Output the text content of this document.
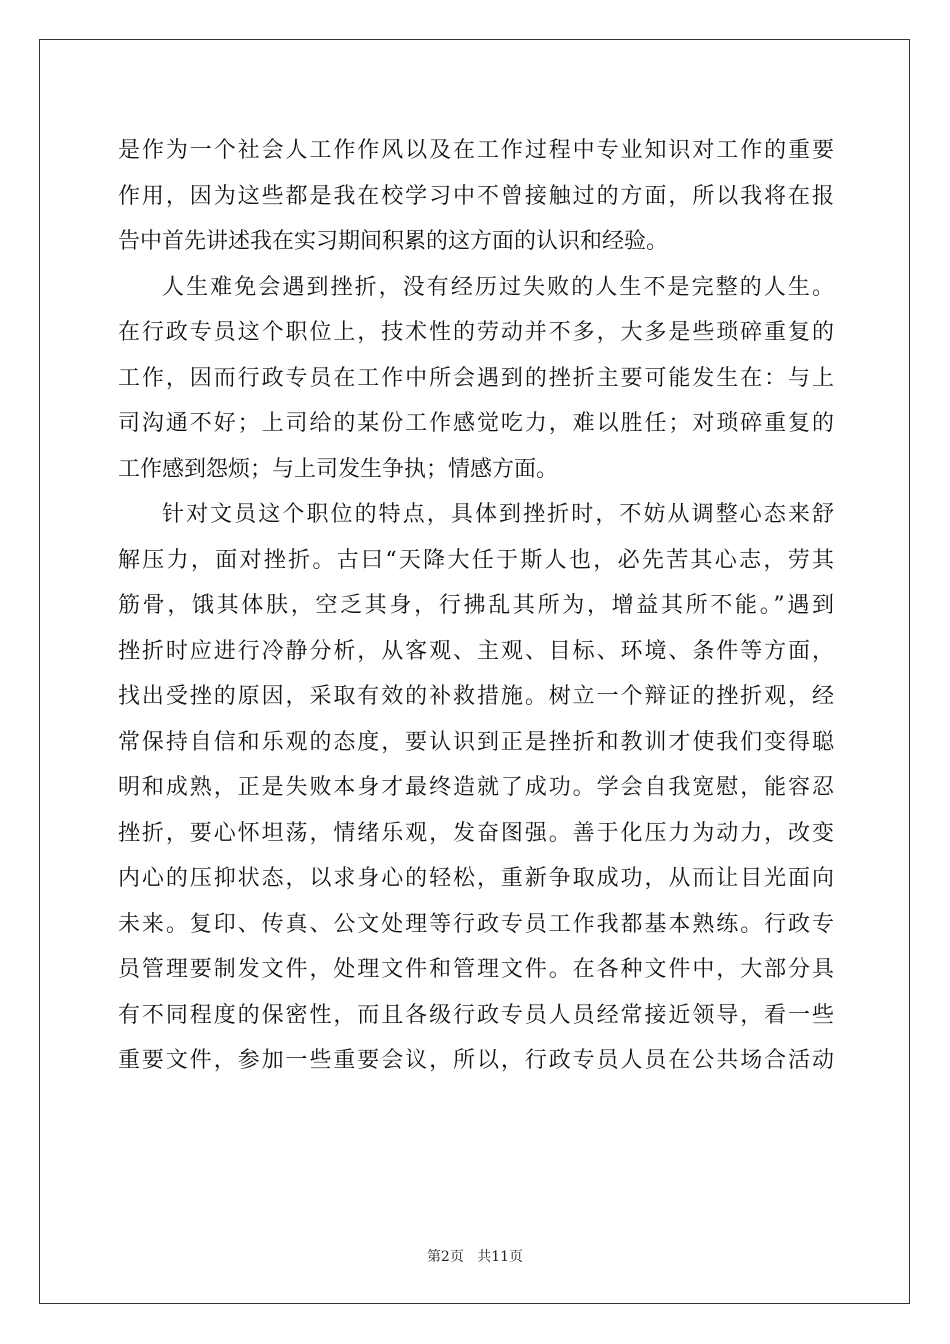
是作为一个社会人工作作风以及在工作过程中专业知识对工作的重要
作用，因为这些都是我在校学习中不曾接触过的方面，所以我将在报
告中首先讲述我在实习期间积累的这方面的认识和经验。
人生难免会遇到挫折，没有经历过失败的人生不是完整的人生。
在行政专员这个职位上，技术性的劳动并不多，大多是些琐碎重复的
工作，因而行政专员在工作中所会遇到的挫折主要可能发生在：与上
司沟通不好；上司给的某份工作感觉吃力，难以胜任；对琐碎重复的
工作感到怨烦；与上司发生争执；情感方面。
针对文员这个职位的特点，具体到挫折时，不妨从调整心态来舒
解压力，面对挫折。古曰“天降大任于斯人也，必先苦其心志，劳其
筋骨，饿其体肤，空乏其身，行拂乱其所为，增益其所不能。”遇到
挫折时应进行冷静分析，从客观、主观、目标、环境、条件等方面，
找出受挫的原因，采取有效的补救措施。树立一个辩证的挫折观，经
常保持自信和乐观的态度，要认识到正是挫折和教训才使我们变得聪
明和成熟，正是失败本身才最终造就了成功。学会自我宽慰，能容忍
挫折，要心怀坦荡，情绪乐观，发奋图强。善于化压力为动力，改变
内心的压抑状态，以求身心的轻松，重新争取成功，从而让目光面向
未来。复印、传真、公文处理等行政专员工作我都基本熟练。行政专
员管理要制发文件，处理文件和管理文件。在各种文件中，大部分具
有不同程度的保密性，而且各级行政专员人员经常接近领导，看一些
重要文件，参加一些重要会议，所以，行政专员人员在公共场合活动
第2页 共11页
